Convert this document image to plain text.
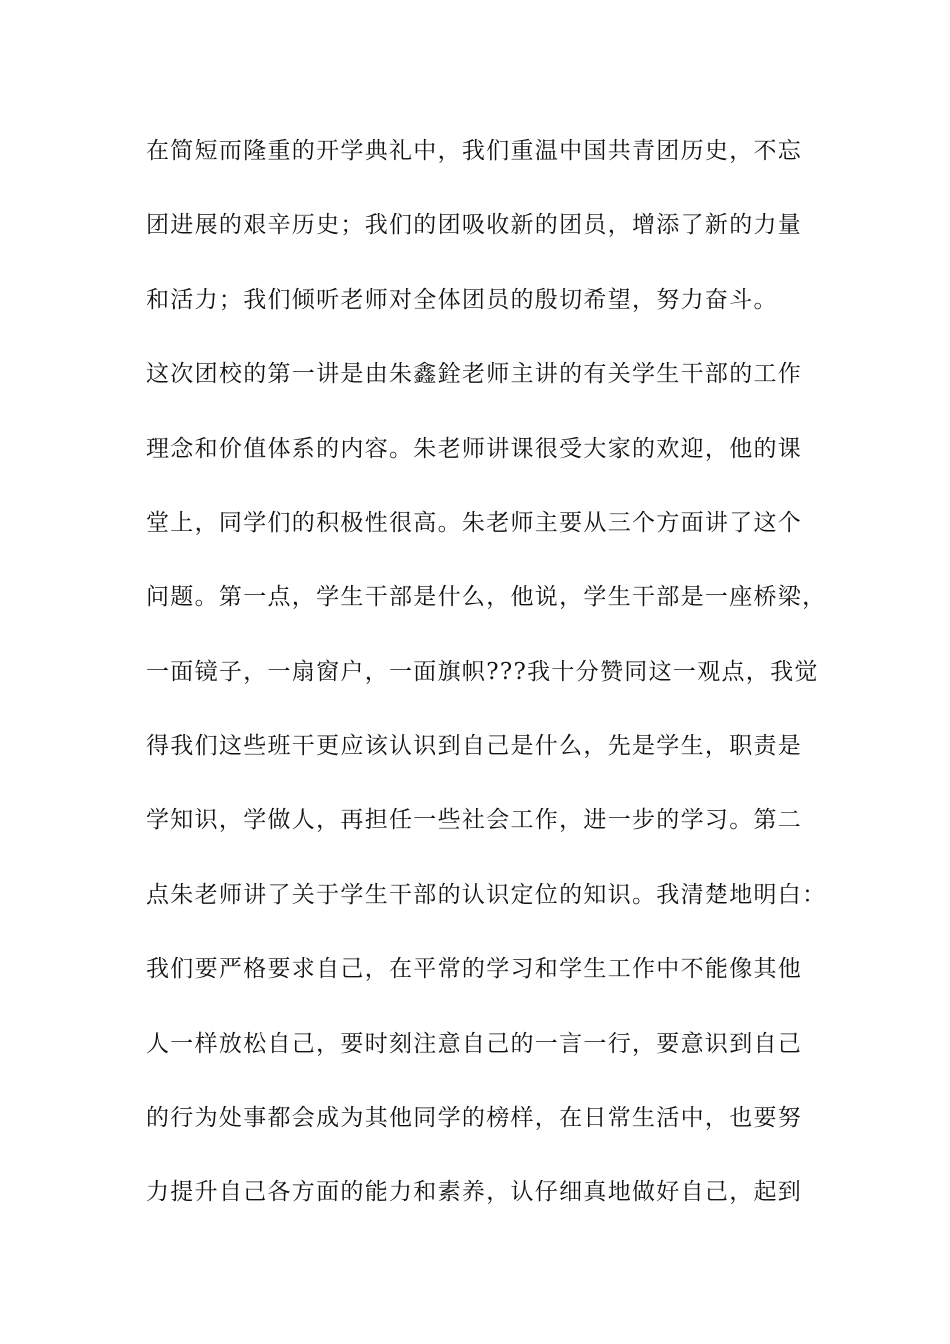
在简短而隆重的开学典礼中，我们重温中国共青团历史，不忘
团进展的艰辛历史；我们的团吸收新的团员，增添了新的力量
和活力；我们倾听老师对全体团员的殷切希望，努力奋斗。
这次团校的第一讲是由朱鑫銓老师主讲的有关学生干部的工作
理念和价值体系的内容。朱老师讲课很受大家的欢迎，他的课
堂上，同学们的积极性很高。朱老师主要从三个方面讲了这个
问题。第一点，学生干部是什么，他说，学生干部是一座桥梁，
一面镜子，一扇窗户，一面旗帜???我十分赞同这一观点，我觉
得我们这些班干更应该认识到自己是什么，先是学生，职责是
学知识，学做人，再担任一些社会工作，进一步的学习。第二
点朱老师讲了关于学生干部的认识定位的知识。我清楚地明白：
我们要严格要求自己，在平常的学习和学生工作中不能像其他
人一样放松自己，要时刻注意自己的一言一行，要意识到自己
的行为处事都会成为其他同学的榜样，在日常生活中，也要努
力提升自己各方面的能力和素养，认仔细真地做好自己，起到
